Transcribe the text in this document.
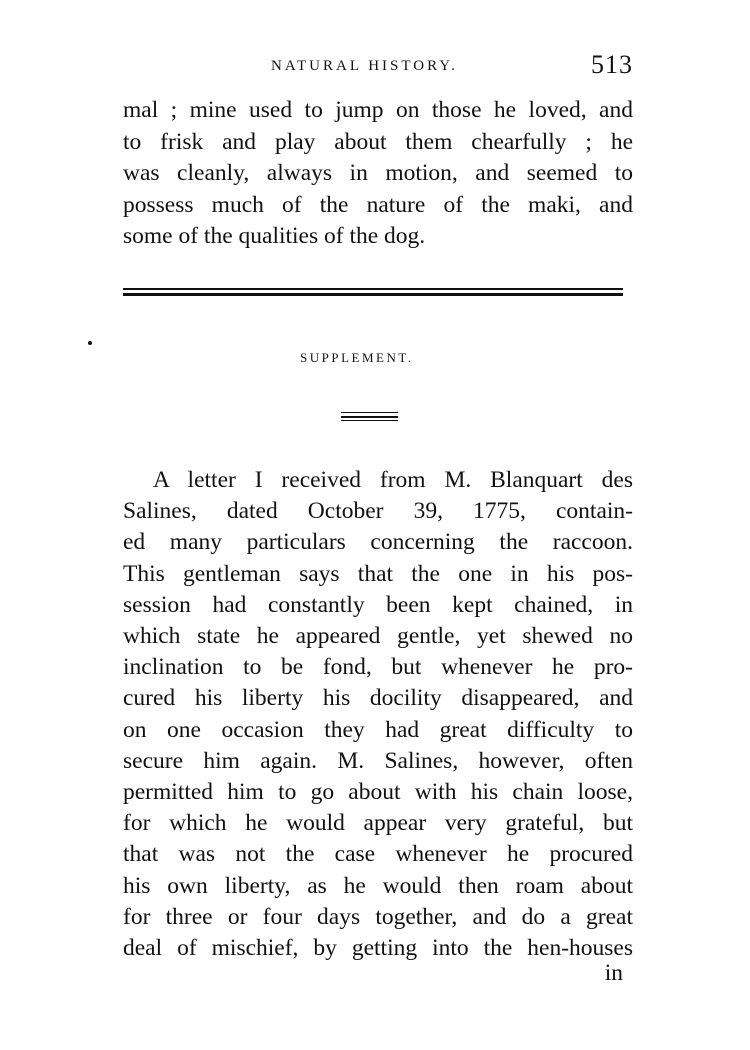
NATURAL HISTORY.	513
mal ; mine used to jump on those he loved, and
to frisk and play about them chearfully ; he
was cleanly, always in motion, and seemed to
possess much of the nature of the maki, and
some of the qualities of the dog.
SUPPLEMENT.
A letter I received from M. Blanquart des
Salines, dated October 39, 1775, contain-
ed many particulars concerning the raccoon.
This gentleman says that the one in his pos-
session had constantly been kept chained, in
which state he appeared gentle, yet shewed no
inclination to be fond, but whenever he pro-
cured his liberty his docility disappeared, and
on one occasion they had great difficulty to
secure him again. M. Salines, however, often
permitted him to go about with his chain loose,
for which he would appear very grateful, but
that was not the case whenever he procured
his own liberty, as he would then roam about
for three or four days together, and do a great
deal of mischief, by getting into the hen-houses
in
